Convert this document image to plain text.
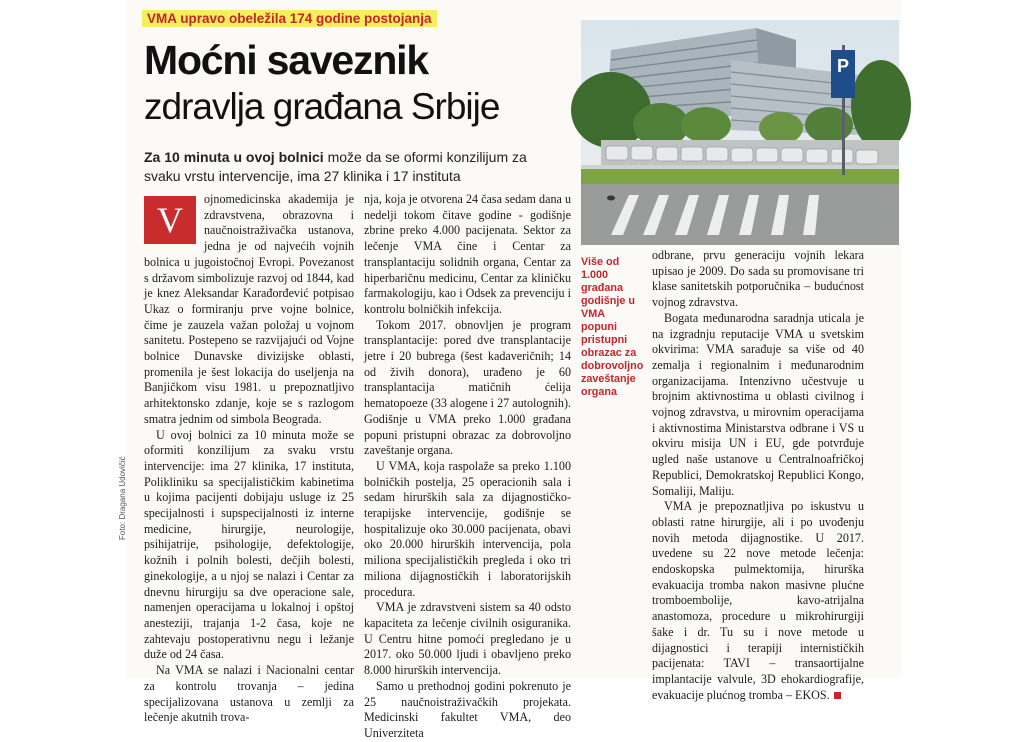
VMA upravo obeležila 174 godine postojanja
Moćni saveznik
zdravlja građana Srbije
Za 10 minuta u ovoj bolnici može da se oformi konzilijum za svaku vrstu intervencije, ima 27 klinika i 17 instituta
P
V

ojnomedicinska akademija je zdravstvena, obrazovna i naučnoistraživačka ustanova, jedna je od najvećih vojnih bolnica u jugoistočnoj Evropi. Povezanost s državom simbolizuje razvoj od 1844, kad je knez Aleksandar Karađorđević potpisao Ukaz o formiranju prve vojne bolnice, čime je zauzela važan položaj u vojnom sanitetu. Postepeno se razvijajući od Vojne bolnice Dunavske divizijske oblasti, promenila je šest lokacija do useljenja na Banjičkom visu 1981. u prepoznatljivo arhitektonsko zdanje, koje se s razlogom smatra jednim od simbola Beograda.

U ovoj bolnici za 10 minuta može se oformiti konzilijum za svaku vrstu intervencije: ima 27 klinika, 17 instituta, Polikliniku sa specijalističkim kabinetima u kojima pacijenti dobijaju usluge iz 25 specijalnosti i supspecijalnosti iz interne medicine, hirurgije, neurologije, psihijatrije, psihologije, defektologije, kožnih i polnih bolesti, dečjih bolesti, ginekologije, a u njoj se nalazi i Centar za dnevnu hirurgiju sa dve operacione sale, namenjen operacijama u lokalnoj i opštoj anesteziji, trajanja 1-2 časa, koje ne zahtevaju postoperativnu negu i ležanje duže od 24 časa.

Na VMA se nalazi i Nacionalni centar za kontrolu trovanja – jedina specijalizovana ustanova u zemlji za lečenje akutnih trova-

nja, koja je otvorena 24 časa sedam dana u nedelji tokom čitave godine - godišnje zbrine preko 4.000 pacijenata. Sektor za lečenje VMA čine i Centar za transplantaciju solidnih organa, Centar za hiperbaričnu medicinu, Centar za kliničku farmakologiju, kao i Odsek za prevenciju i kontrolu bolničkih infekcija.

Tokom 2017. obnovljen je program transplantacije: pored dve transplantacije jetre i 20 bubrega (šest kadaveričnih; 14 od živih donora), urađeno je 60 transplantacija matičnih ćelija hematopoeze (33 alogene i 27 autolognih). Godišnje u VMA preko 1.000 građana popuni pristupni obrazac za dobrovoljno zaveštanje organa.

U VMA, koja raspolaže sa preko 1.100 bolničkih postelja, 25 operacionih sala i sedam hirurških sala za dijagnostičko-terapijske intervencije, godišnje se hospitalizuje oko 30.000 pacijenata, obavi oko 20.000 hirurških intervencija, pola miliona specijalističkih pregleda i oko tri miliona dijagnostičkih i laboratorijskih procedura.

VMA je zdravstveni sistem sa 40 odsto kapaciteta za lečenje civilnih osiguranika. U Centru hitne pomoći pregledano je u 2017. oko 50.000 ljudi i obavljeno preko 8.000 hirurških intervencija.

Samo u prethodnoj godini pokrenuto je 25 naučnoistraživačkih projekata. Medicinski fakultet VMA, deo Univerziteta

Više od 1.000 građana godišnje u VMA popuni pristupni obrazac za dobrovoljno zaveštanje organa

odbrane, prvu generaciju vojnih lekara upisao je 2009. Do sada su promovisane tri klase sanitetskih potporučnika – budućnost vojnog zdravstva.

Bogata međunarodna saradnja uticala je na izgradnju reputacije VMA u svetskim okvirima: VMA sarađuje sa više od 40 zemalja i regionalnim i međunarodnim organizacijama. Intenzivno učestvuje u brojnim aktivnostima u oblasti civilnog i vojnog zdravstva, u mirovnim operacijama i aktivnostima Ministarstva odbrane i VS u okviru misija UN i EU, gde potvrđuje ugled naše ustanove u Centralnoafričkoj Republici, Demokratskoj Republici Kongo, Somaliji, Maliju.

VMA je prepoznatljiva po iskustvu u oblasti ratne hirurgije, ali i po uvođenju novih metoda dijagnostike. U 2017. uvedene su 22 nove metode lečenja: endoskopska pulmektomija, hirurška evakuacija tromba nakon masivne plućne tromboembolije, kavo-atrijalna anastomoza, procedure u mikrohirurgiji šake i dr. Tu su i nove metode u dijagnostici i terapiji internističkih pacijenata: TAVI – transaortijalne implantacije valvule, 3D ehokardiografije, evakuacije plućnog tromba – EKOS.

Foto: Dragana Udovičić
